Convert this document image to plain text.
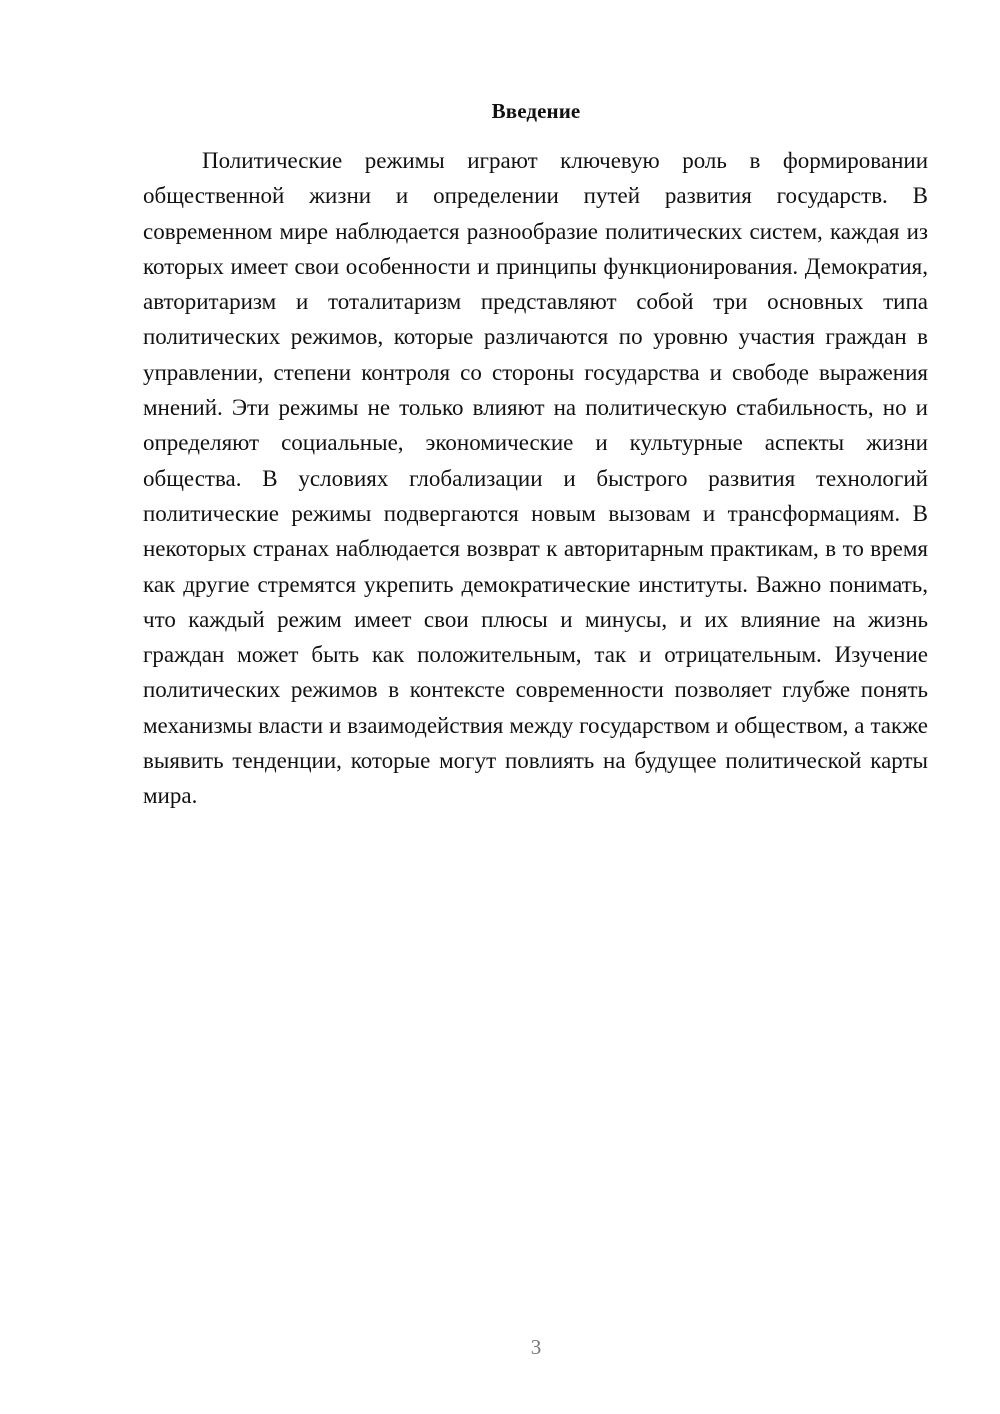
Введение

Политические режимы играют ключевую роль в формировании общественной жизни и определении путей развития государств. В современном мире наблюдается разнообразие политических систем, каждая из которых имеет свои особенности и принципы функционирования. Демократия, авторитаризм и тоталитаризм представляют собой три основных типа политических режимов, которые различаются по уровню участия граждан в управлении, степени контроля со стороны государства и свободе выражения мнений. Эти режимы не только влияют на политическую стабильность, но и определяют социальные, экономические и культурные аспекты жизни общества. В условиях глобализации и быстрого развития технологий политические режимы подвергаются новым вызовам и трансформациям. В некоторых странах наблюдается возврат к авторитарным практикам, в то время как другие стремятся укрепить демократические институты. Важно понимать, что каждый режим имеет свои плюсы и минусы, и их влияние на жизнь граждан может быть как положительным, так и отрицательным. Изучение политических режимов в контексте современности позволяет глубже понять механизмы власти и взаимодействия между государством и обществом, а также выявить тенденции, которые могут повлиять на будущее политической карты мира.

3
